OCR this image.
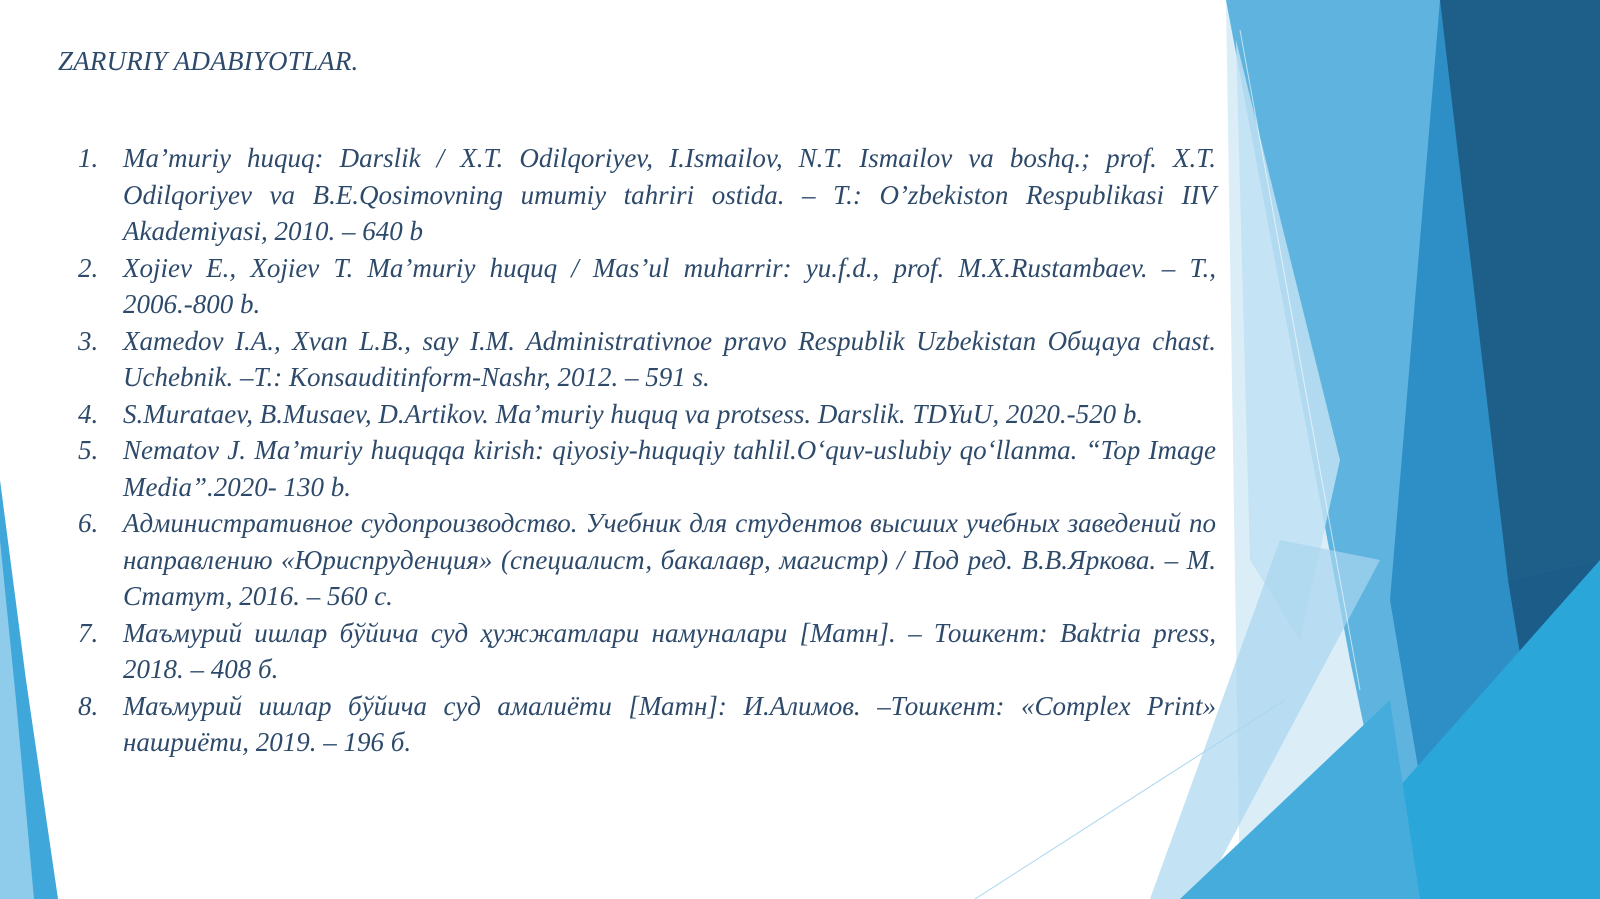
ZARURIY ADABIYOTLAR.
1. Ma’muriy huquq: Darslik / X.T. Odilqoriyev, I.Ismailov, N.T. Ismailov va boshq.; prof. X.T. Odilqoriyev va B.E.Qosimovning umumiy tahriri ostida. – T.: O’zbekiston Respublikasi IIV Akademiyasi, 2010. – 640 b
2. Xojiev E., Xojiev T. Ma’muriy huquq / Mas’ul muharrir: yu.f.d., prof. M.X.Rustambaev. – T., 2006.-800 b.
3. Xamedov I.A., Xvan L.B., say I.M. Administrativnoe pravo Respublik Uzbekistan Общаya chast. Uchebnik. –T.: Konsauditinform-Nashr, 2012. – 591 s.
4. S.Murataev, B.Musaev, D.Artikov. Ma’muriy huquq va protsess. Darslik. TDYuU, 2020.-520 b.
5. Nematov J. Ma’muriy huquqqa kirish: qiyosiy-huquqiy tahlil.O‘quv-uslubiy qo‘llanma. “Top Image Media”.2020- 130 b.
6. Административное судопроизводство. Учебник для студентов высших учебных заведений по направлению «Юриспруденция» (специалист, бакалавр, магистр) / Под ред. В.В.Яркова. – М. Статут, 2016. – 560 с.
7. Маъмурий ишлар бўйича суд ҳужжатлари намуналари [Матн]. – Тошкент: Baktria press, 2018. – 408 б.
8. Маъмурий ишлар бўйича суд амалиёти [Матн]: И.Алимов. –Тошкент: «Complex Print» нашриёти, 2019. – 196 б.
